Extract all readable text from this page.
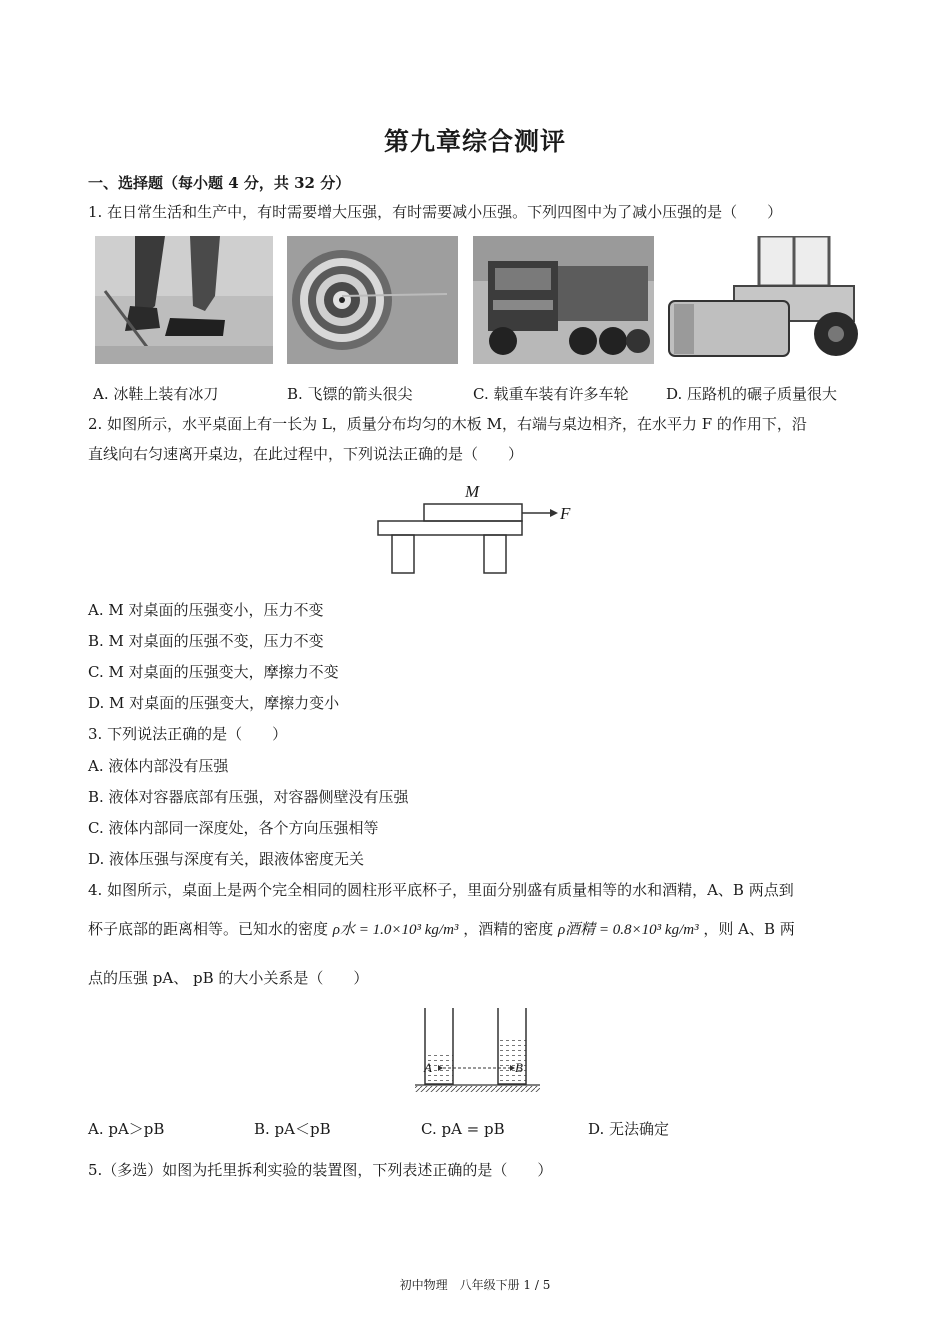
第九章综合测评
一、选择题（每小题 4 分，共 32 分）
1. 在日常生活和生产中，有时需要增大压强，有时需要减小压强。下列四图中为了减小压强的是（　　）
A. 冰鞋上装有冰刀	B. 飞镖的箭头很尖	C. 载重车装有许多车轮	D. 压路机的碾子质量很大
2. 如图所示，水平桌面上有一长为 L，质量分布均匀的木板 M，右端与桌边相齐，在水平力 F 的作用下，沿
直线向右匀速离开桌边，在此过程中，下列说法正确的是（　　）
M
F
A. M 对桌面的压强变小，压力不变
B. M 对桌面的压强不变，压力不变
C. M 对桌面的压强变大，摩擦力不变
D. M 对桌面的压强变大，摩擦力变小
3. 下列说法正确的是（　　）
A. 液体内部没有压强
B. 液体对容器底部有压强，对容器侧壁没有压强
C. 液体内部同一深度处，各个方向压强相等
D. 液体压强与深度有关，跟液体密度无关
4. 如图所示，桌面上是两个完全相同的圆柱形平底杯子，里面分别盛有质量相等的水和酒精，A、B 两点到
杯子底部的距离相等。已知水的密度 ρ水 = 1.0×10³ kg/m³ ，酒精的密度 ρ酒精 = 0.8×10³ kg/m³ ，则 A、B 两
点的压强 pA、 pB 的大小关系是（　　）
A	B
A. pA＞pB	B. pA＜pB	C. pA = pB	D. 无法确定
5.（多选）如图为托里拆利实验的装置图，下列表述正确的是（　　）
初中物理　八年级下册 1 / 5
